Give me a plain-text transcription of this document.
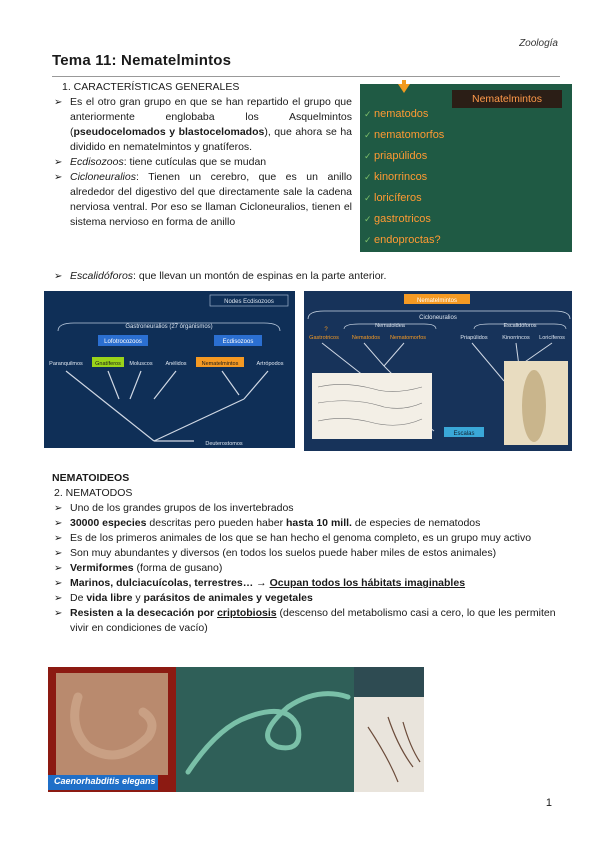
Zoología
Tema 11: Nematelmintos
1. CARACTERÍSTICAS GENERALES
➢ Es el otro gran grupo en que se han repartido el grupo que anteriormente englobaba los Asquelmintos (pseudocelomados y blastocelomados), que ahora se ha dividido en nematelmintos y gnatíferos.
➢ Ecdisozoos: tiene cutículas que se mudan
➢ Cicloneuralios: Tienen un cerebro, que es un anillo alrededor del digestivo del que directamente sale la cadena nerviosa ventral. Por eso se llaman Cicloneuralios, tienen el sistema nervioso en forma de anillo
➢ Escalidóforos: que llevan un montón de espinas en la parte anterior.
Nematelmintos
✓ nematodos
✓ nematomorfos
✓ priapúlidos
✓ kinorrincos
✓ loricíferos
✓ gastrotricos
✓ endoproctas?
Nodes Ecdisozoos
Gastroneuralios (27 órganismos)
Lofotrocozoos	Ecdisozoos
Paranquilmos Gnatíferos Moluscos Anélidos	Nematelmintos	Artrópodos
Deuterostomos
Nematelmintos
Cicloneuralios
Nematoidea	Escalidóforos
?
Gastrotricos Nematodos Nematomorfos	Priapúlidos	Kinorrincos Loricíferos
Escalas
NEMATOIDEOS
2. NEMATODOS
➢ Uno de los grandes grupos de los invertebrados
➢ 30000 especies descritas pero pueden haber hasta 10 mill. de especies de nematodos
➢ Es de los primeros animales de los que se han hecho el genoma completo, es un grupo muy activo
➢ Son muy abundantes y diversos (en todos los suelos puede haber miles de estos animales)
➢ Vermiformes (forma de gusano)
➢ Marinos, dulciacuícolas, terrestres… → Ocupan todos los hábitats imaginables
➢ De vida libre y parásitos de animales y vegetales
➢ Resisten a la desecación por criptobiosis (descenso del metabolismo casi a cero, lo que les permiten vivir en condiciones de vacío)
Caenorhabditis elegans
1
